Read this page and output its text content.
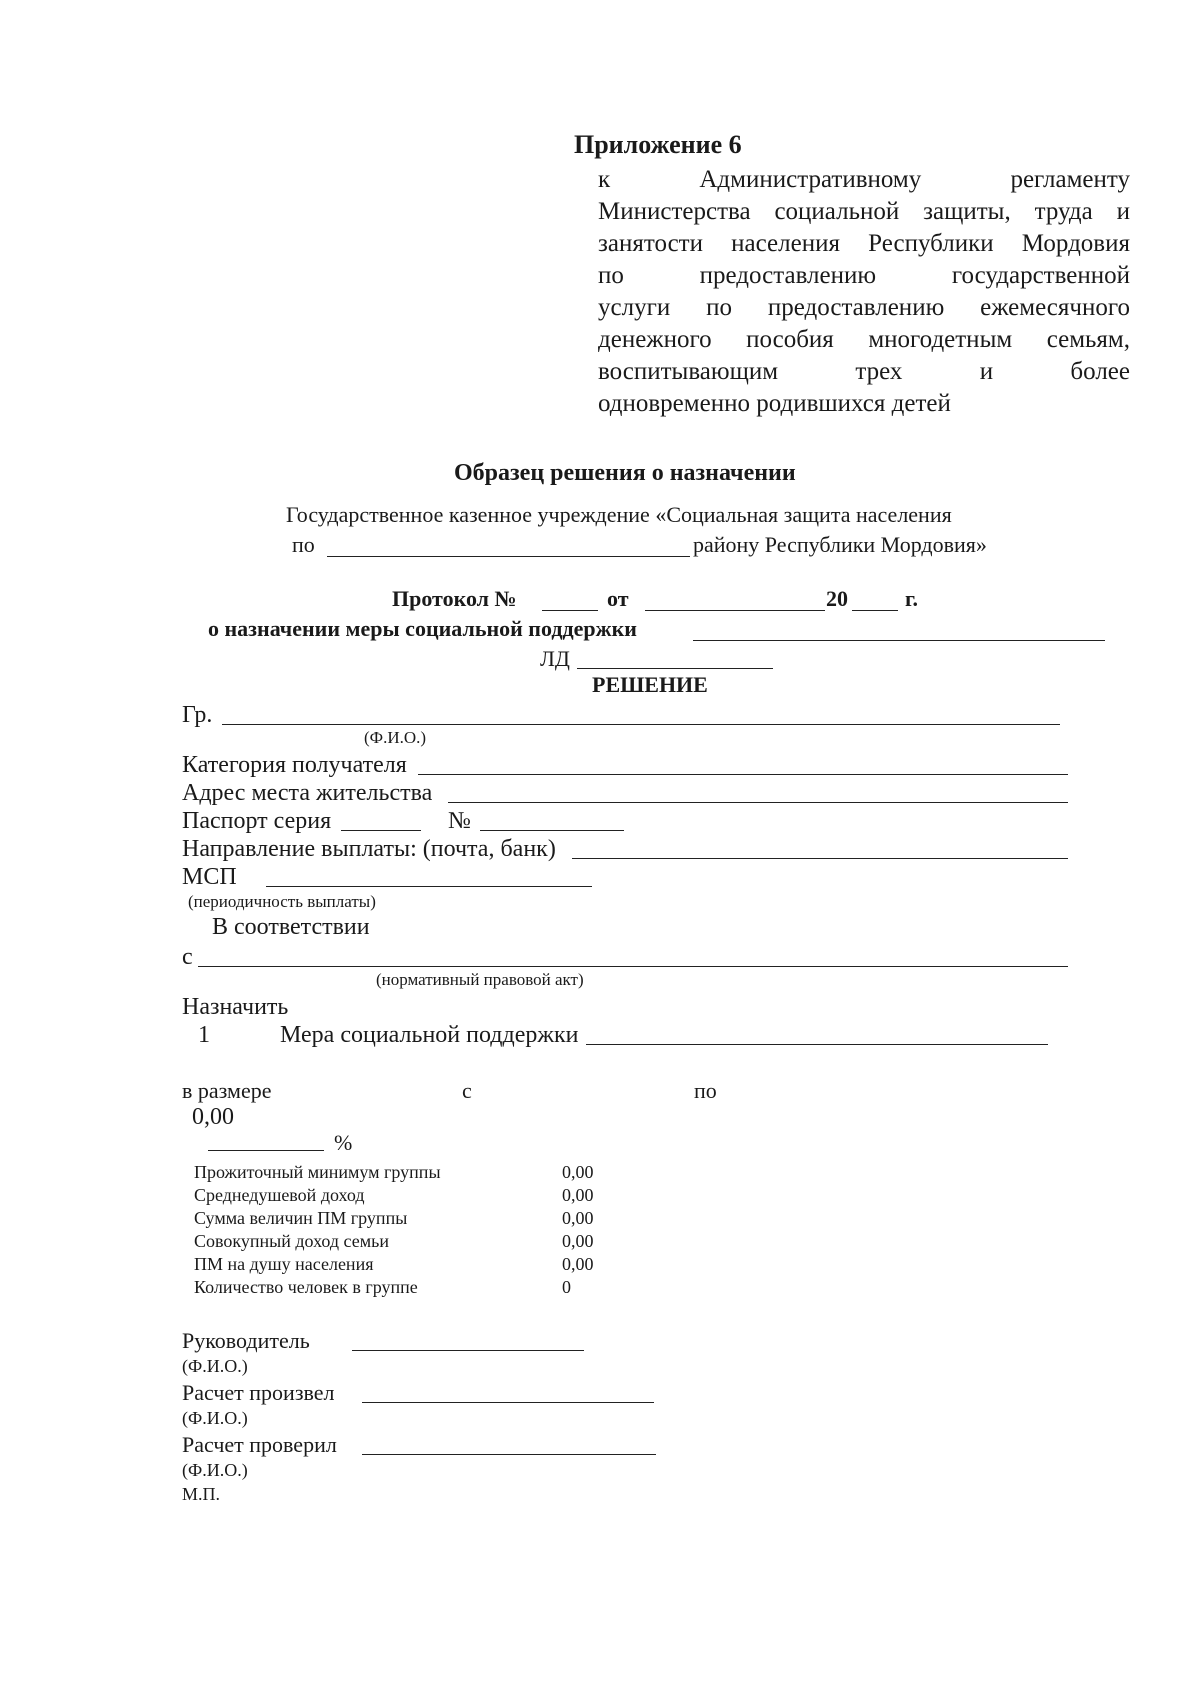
Приложение 6
к Административному регламенту
Министерства социальной защиты, труда и
занятости населения Республики Мордовия
по предоставлению государственной
услуги по предоставлению ежемесячного
денежного пособия многодетным семьям,
воспитывающим трех и более
одновременно родившихся детей
Образец решения о назначении
Государственное казенное учреждение «Социальная защита населения
по	району Республики Мордовия»
Протокол №	от	20	г.
о назначении меры социальной поддержки
ЛД
РЕШЕНИЕ
Гр.
(Ф.И.О.)
Категория получателя
Адрес места жительства
Паспорт серия	№
Направление выплаты: (почта, банк)
МСП
(периодичность выплаты)
В соответствии
с
(нормативный правовой акт)
Назначить
1	Мера социальной поддержки
в размере	с	по
0,00
%
Прожиточный минимум группы	0,00
Среднедушевой доход	0,00
Сумма величин ПМ группы	0,00
Совокупный доход семьи	0,00
ПМ на душу населения	0,00
Количество человек в группе	0
Руководитель
(Ф.И.О.)
Расчет произвел
(Ф.И.О.)
Расчет проверил
(Ф.И.О.)
М.П.
